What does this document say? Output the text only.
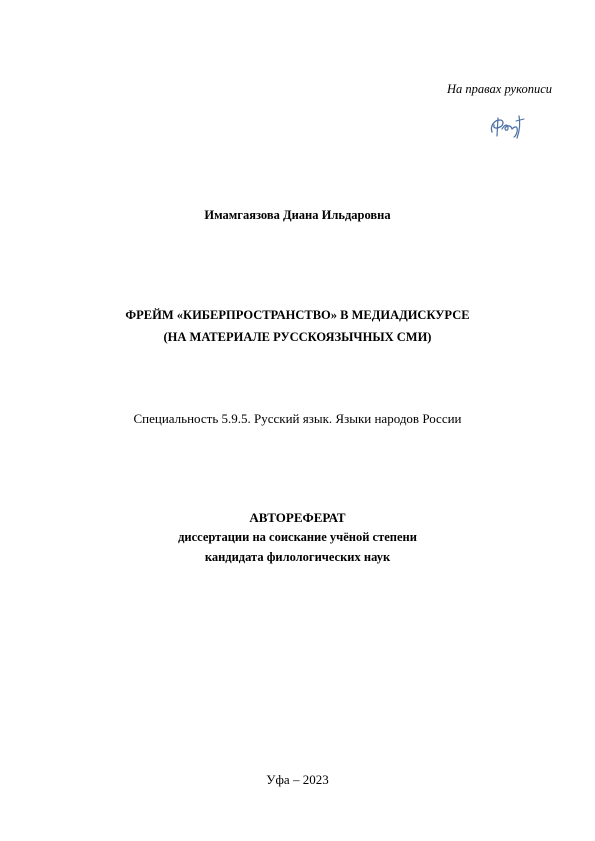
На правах рукописи
Имамгаязова Диана Ильдаровна
ФРЕЙМ «КИБЕРПРОСТРАНСТВО» В МЕДИАДИСКУРСЕ
(НА МАТЕРИАЛЕ РУССКОЯЗЫЧНЫХ СМИ)
Специальность 5.9.5. Русский язык. Языки народов России
АВТОРЕФЕРАТ
диссертации на соискание учёной степени
кандидата филологических наук
Уфа – 2023
